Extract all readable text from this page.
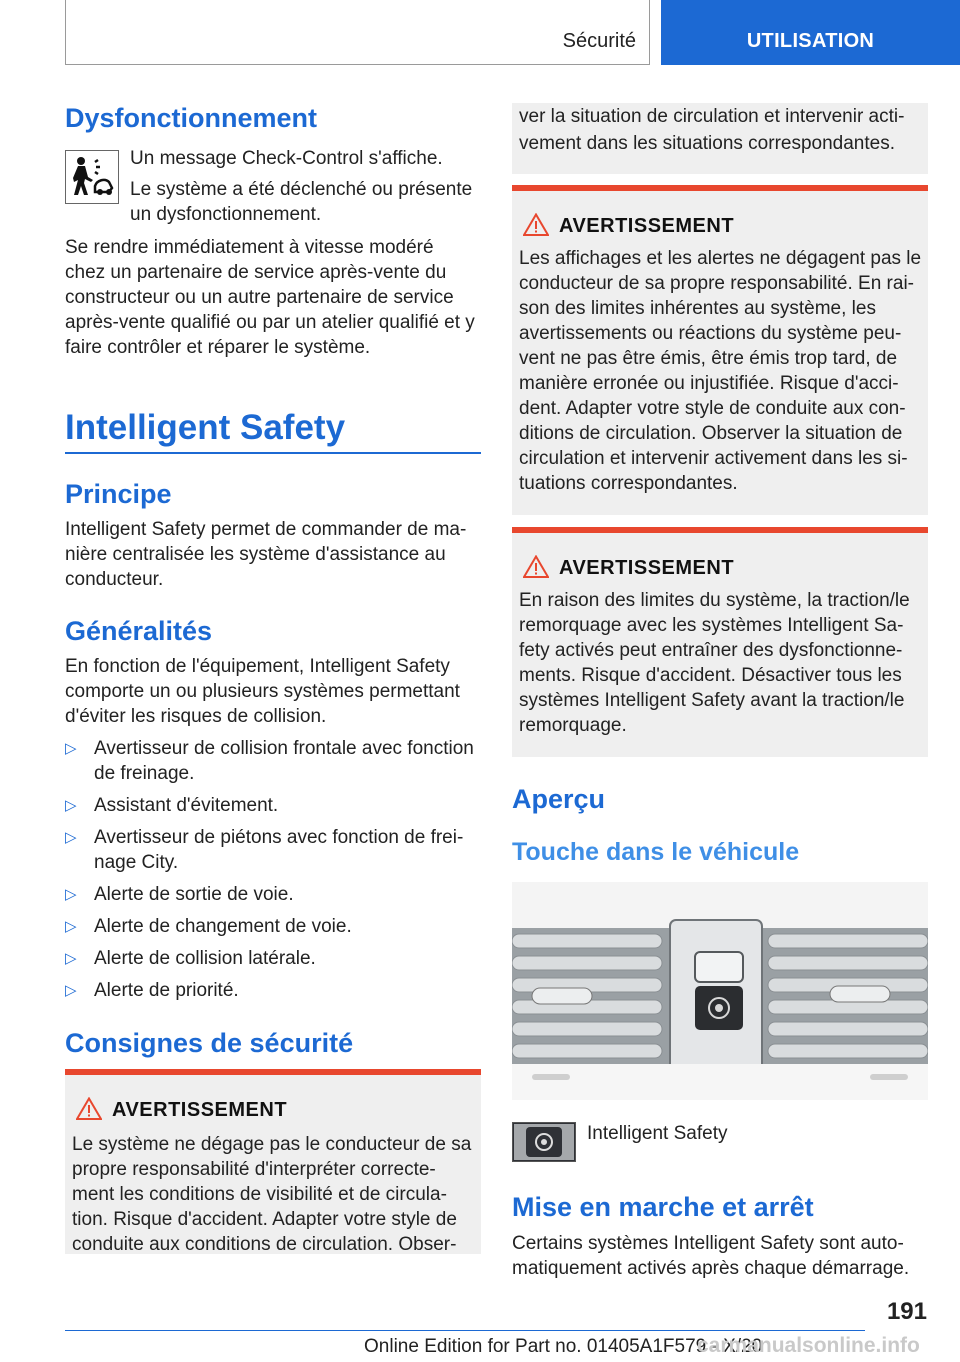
Sécurité	UTILISATION
Dysfonctionnement

Un message Check-Control s'affiche.

Le système a été déclenché ou présente

un dysfonctionnement.

Se rendre immédiatement à vitesse modéré

chez un partenaire de service après-vente du

constructeur ou un autre partenaire de service

après-vente qualifié ou par un atelier qualifié et y

faire contrôler et réparer le système.

Intelligent Safety
Principe

Intelligent Safety permet de commander de ma-

nière centralisée les système d'assistance au

conducteur.

Généralités

En fonction de l'équipement, Intelligent Safety

comporte un ou plusieurs systèmes permettant

d'éviter les risques de collision.

▷ Avertisseur de collision frontale avec fonction
de freinage.
▷ Assistant d'évitement.
▷ Avertisseur de piétons avec fonction de frei-
nage City.
▷ Alerte de sortie de voie.
▷ Alerte de changement de voie.
▷ Alerte de collision latérale.
▷ Alerte de priorité.
Consignes de sécurité
AVERTISSEMENT

Le système ne dégage pas le conducteur de sa

propre responsabilité d'interpréter correcte-

ment les conditions de visibilité et de circula-

tion. Risque d'accident. Adapter votre style de

conduite aux conditions de circulation. Obser-

ver la situation de circulation et intervenir acti-

vement dans les situations correspondantes.

AVERTISSEMENT

Les affichages et les alertes ne dégagent pas le

conducteur de sa propre responsabilité. En rai-

son des limites inhérentes au système, les

avertissements ou réactions du système peu-

vent ne pas être émis, être émis trop tard, de

manière erronée ou injustifiée. Risque d'acci-

dent. Adapter votre style de conduite aux con-

ditions de circulation. Observer la situation de

circulation et intervenir activement dans les si-

tuations correspondantes.

AVERTISSEMENT

En raison des limites du système, la traction/le

remorquage avec les systèmes Intelligent Sa-

fety activés peut entraîner des dysfonctionne-

ments. Risque d'accident. Désactiver tous les

systèmes Intelligent Safety avant la traction/le

remorquage.

Aperçu
Touche dans le véhicule

Intelligent Safety

Mise en marche et arrêt

Certains systèmes Intelligent Safety sont auto-

matiquement activés après chaque démarrage.

191
Online Edition for Part no. 01405A1F579 - X/20
carmanualsonline.info
